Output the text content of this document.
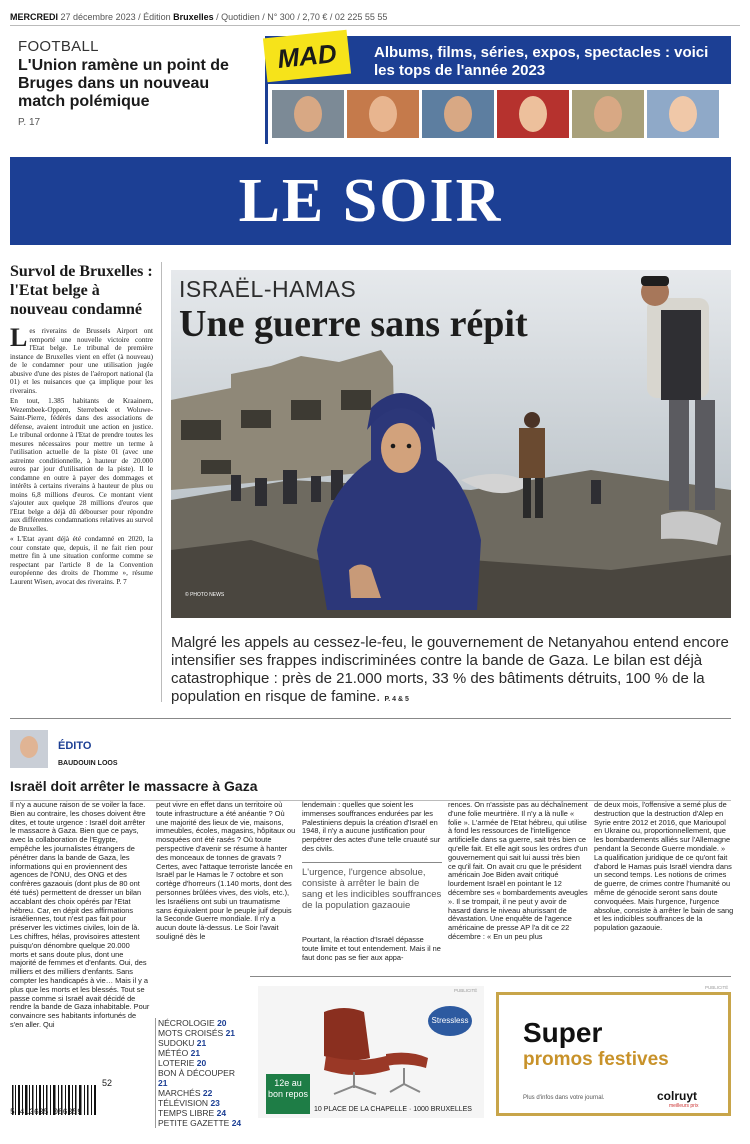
MERCREDI 27 décembre 2023 / Édition Bruxelles / Quotidien / N° 300 / 2,70 € / 02 225 55 55
FOOTBALL
L'Union ramène un point de Bruges dans un nouveau match polémique
P. 17
MAD	Albums, films, séries, expos, spectacles : voici les tops de l'année 2023
LE SOIR
Survol de Bruxelles : l'Etat belge à nouveau condamné

Les riverains de Brussels Airport ont remporté une nouvelle victoire contre l'Etat belge. Le tribunal de première instance de Bruxelles vient en effet (à nouveau) de le condamner pour une utilisation jugée abusive d'une des pistes de l'aéroport national (la 01) et les nuisances que ça implique pour les riverains.

En tout, 1.385 habitants de Kraainem, Wezembeek-Oppem, Sterrebeek et Woluwe-Saint-Pierre, fédérés dans des associations de défense, avaient introduit une action en justice. Le tribunal ordonne à l'Etat de prendre toutes les mesures nécessaires pour mettre un terme à l'utilisation actuelle de la piste 01 (avec une astreinte conditionnelle, à hauteur de 20.000 euros par jour d'utilisation de la piste). Il le condamne en outre à payer des dommages et intérêts à certains riverains à hauteur de plus ou moins 6,8 millions d'euros. Ce montant vient s'ajouter aux quelque 28 millions d'euros que l'Etat belge a déjà dû débourser pour répondre aux différentes condamnations relatives au survol de Bruxelles.

« L'Etat ayant déjà été condamné en 2020, la cour constate que, depuis, il ne fait rien pour mettre fin à une situation conforme comme se respectant par l'article 8 de la Convention européenne des droits de l'homme », résume Laurent Wisen, avocat des riverains. P. 7

ISRAËL-HAMAS
Une guerre sans répit
© PHOTO NEWS
Malgré les appels au cessez-le-feu, le gouvernement de Netanyahou entend encore intensifier ses frappes indiscriminées contre la bande de Gaza. Le bilan est déjà catastrophique : près de 21.000 morts, 33 % des bâtiments détruits, 100 % de la population en risque de famine. P. 4 & 5
ÉDITO
BAUDOUIN LOOS
Israël doit arrêter le massacre à Gaza
Il n'y a aucune raison de se voiler la face. Bien au contraire, les choses doivent être dites, et toute urgence : Israël doit arrêter le massacre à Gaza. Bien que ce pays, avec la collaboration de l'Egypte, empêche les journalistes étrangers de pénétrer dans la bande de Gaza, les informations qui en proviennent des agences de l'ONU, des ONG et des confrères gazaouis (dont plus de 80 ont été tués) permettent de dresser un bilan accablant des choix opérés par l'Etat hébreu. Car, en dépit des affirmations israéliennes, tout n'est pas fait pour préserver les victimes civiles, loin de là. Les chiffres, hélas, provisoires attestent puisqu'on dénombre quelque 20.000 morts et sans doute plus, dont une majorité de femmes et d'enfants. Oui, des milliers et des milliers d'enfants. Sans compter les handicapés à vie… Mais il y a plus que les morts et les blessés. Tout se passe comme si Israël avait décidé de rendre la bande de Gaza inhabitable. Pour convaincre ses habitants infortunés de s'en aller. Qui
peut vivre en effet dans un territoire où toute infrastructure a été anéantie ? Où une majorité des lieux de vie, maisons, immeubles, écoles, magasins, hôpitaux ou mosquées ont été rasés ? Où toute perspective d'avenir se résume à hanter des monceaux de tonnes de gravats ? Certes, avec l'attaque terroriste lancée en Israël par le Hamas le 7 octobre et son cortège d'horreurs (1.140 morts, dont des personnes brûlées vives, des viols, etc.), les Israéliens ont subi un traumatisme sans équivalent pour le peuple juif depuis la Seconde Guerre mondiale. Il n'y a aucun doute là-dessus. Le Soir l'avait souligné dès le

lendemain : quelles que soient les immenses souffrances endurées par les Palestiniens depuis la création d'Israël en 1948, il n'y a aucune justification pour perpétrer des actes d'une telle cruauté sur des civils.

L'urgence, l'urgence absolue, consiste à arrêter le bain de sang et les indicibles souffrances de la population gazaouie
Pourtant, la réaction d'Israël dépasse toute limite et tout entendement. Mais il ne faut donc pas se fier aux appa-
rences. On n'assiste pas au déchaînement d'une folie meurtrière. Il n'y a là nulle « folie ». L'armée de l'Etat hébreu, qui utilise à fond les ressources de l'intelligence artificielle dans sa guerre, sait très bien ce qu'elle fait. Et elle agit sous les ordres d'un gouvernement qui sait lui aussi très bien ce qu'il fait. On avait cru que le président américain Joe Biden avait critiqué lourdement Israël en pointant le 12 décembre ses « bombardements aveugles ». Il se trompait, il ne peut y avoir de hasard dans le niveau ahurissant de dévastation. Une enquête de l'agence américaine de presse AP l'a dit ce 22 décembre : « En un peu plus
de deux mois, l'offensive a semé plus de destruction que la destruction d'Alep en Syrie entre 2012 et 2016, que Marioupol en Ukraine ou, proportionnellement, que les bombardements alliés sur l'Allemagne pendant la Seconde Guerre mondiale. » La qualification juridique de ce qu'ont fait d'abord le Hamas puis Israël viendra dans un second temps. Les notions de crimes de guerre, de crimes contre l'humanité ou même de génocide seront sans doute convoquées. Mais l'urgence, l'urgence absolue, consiste à arrêter le bain de sang et les indicibles souffrances de la population gazaouie.
5 413635 086359
52
NÉCROLOGIE 20
MOTS CROISÉS 21
SUDOKU 21
MÉTÉO 21
LOTERIE 20
BON À DÉCOUPER 21
MARCHÉS 22
TÉLÉVISION 23
TEMPS LIBRE 24
PETITE GAZETTE 24
PUBLICITÉ
Stressless
12e au bon repos
10 PLACE DE LA CHAPELLE · 1000 BRUXELLES
PUBLICITÉ
Super
promos festives
Plus d'infos dans votre journal.	colruyt
meilleurs prix
